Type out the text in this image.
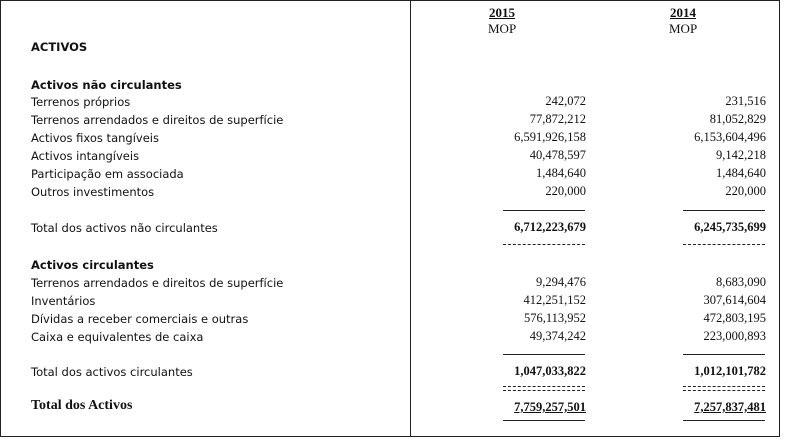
2015
MOP
2014
MOP
ACTIVOS
Activos não circulantes
Terrenos próprios	242,072	231,516
Terrenos arrendados e direitos de superfície	77,872,212	81,052,829
Activos fixos tangíveis	6,591,926,158	6,153,604,496
Activos intangíveis	40,478,597	9,142,218
Participação em associada	1,484,640	1,484,640
Outros investimentos	220,000	220,000
Total dos activos não circulantes	6,712,223,679	6,245,735,699
Activos circulantes
Terrenos arrendados e direitos de superfície	9,294,476	8,683,090
Inventários	412,251,152	307,614,604
Dívidas a receber comerciais e outras	576,113,952	472,803,195
Caixa e equivalentes de caixa	49,374,242	223,000,893
Total dos activos circulantes	1,047,033,822	1,012,101,782
Total dos Activos	7,759,257,501	7,257,837,481
